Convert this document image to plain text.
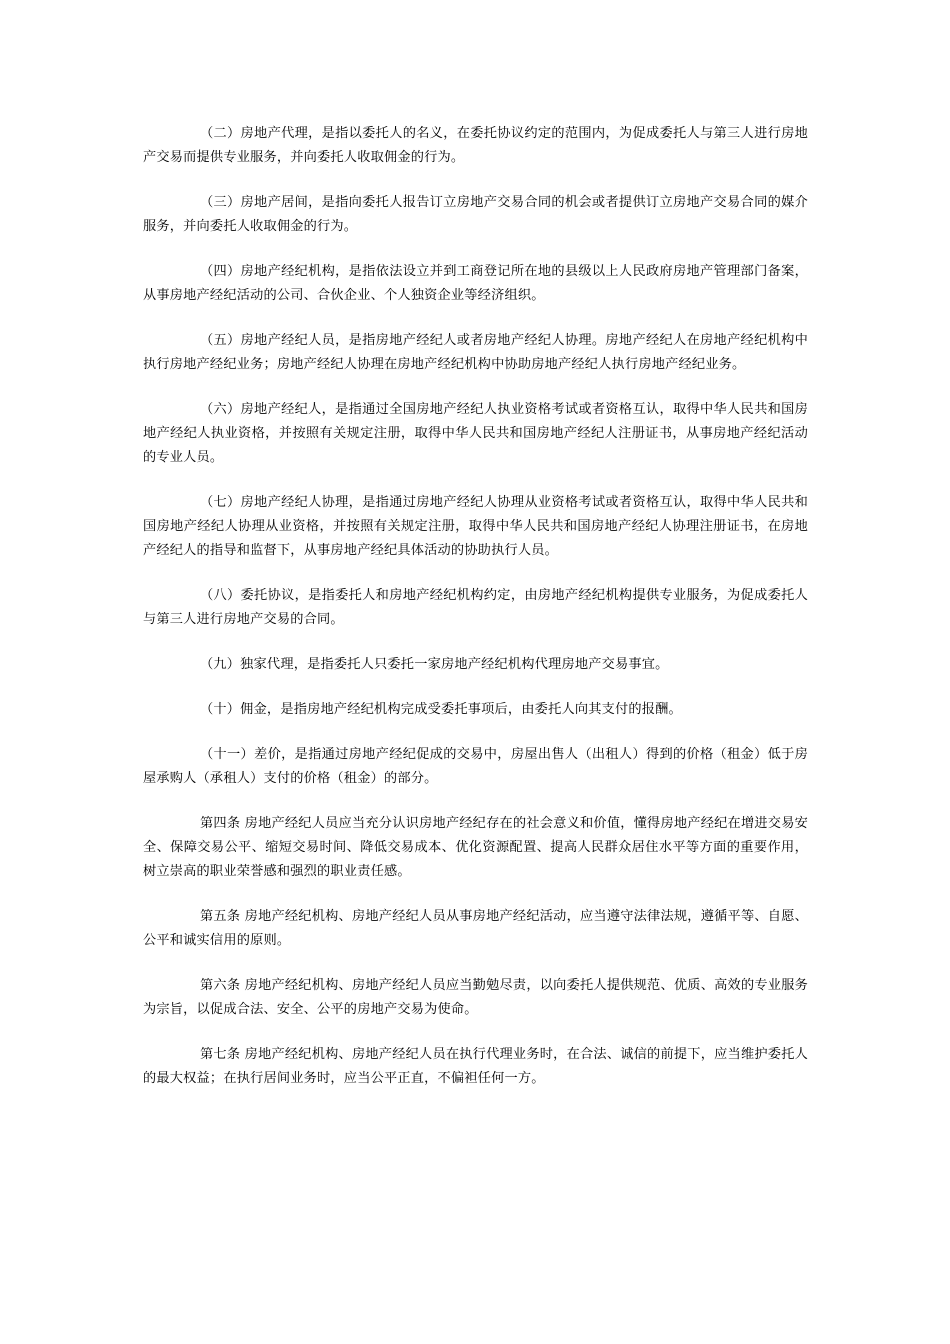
（二）房地产代理，是指以委托人的名义，在委托协议约定的范围内，为促成委托人与第三人进行房地产交易而提供专业服务，并向委托人收取佣金的行为。

（三）房地产居间，是指向委托人报告订立房地产交易合同的机会或者提供订立房地产交易合同的媒介服务，并向委托人收取佣金的行为。

（四）房地产经纪机构，是指依法设立并到工商登记所在地的县级以上人民政府房地产管理部门备案，从事房地产经纪活动的公司、合伙企业、个人独资企业等经济组织。

（五）房地产经纪人员，是指房地产经纪人或者房地产经纪人协理。房地产经纪人在房地产经纪机构中执行房地产经纪业务；房地产经纪人协理在房地产经纪机构中协助房地产经纪人执行房地产经纪业务。

（六）房地产经纪人，是指通过全国房地产经纪人执业资格考试或者资格互认，取得中华人民共和国房地产经纪人执业资格，并按照有关规定注册，取得中华人民共和国房地产经纪人注册证书，从事房地产经纪活动的专业人员。

（七）房地产经纪人协理，是指通过房地产经纪人协理从业资格考试或者资格互认，取得中华人民共和国房地产经纪人协理从业资格，并按照有关规定注册，取得中华人民共和国房地产经纪人协理注册证书，在房地产经纪人的指导和监督下，从事房地产经纪具体活动的协助执行人员。

（八）委托协议，是指委托人和房地产经纪机构约定，由房地产经纪机构提供专业服务，为促成委托人与第三人进行房地产交易的合同。

（九）独家代理，是指委托人只委托一家房地产经纪机构代理房地产交易事宜。

（十）佣金，是指房地产经纪机构完成受委托事项后，由委托人向其支付的报酬。

（十一）差价，是指通过房地产经纪促成的交易中，房屋出售人（出租人）得到的价格（租金）低于房屋承购人（承租人）支付的价格（租金）的部分。

第四条 房地产经纪人员应当充分认识房地产经纪存在的社会意义和价值，懂得房地产经纪在增进交易安全、保障交易公平、缩短交易时间、降低交易成本、优化资源配置、提高人民群众居住水平等方面的重要作用，树立崇高的职业荣誉感和强烈的职业责任感。

第五条 房地产经纪机构、房地产经纪人员从事房地产经纪活动，应当遵守法律法规，遵循平等、自愿、公平和诚实信用的原则。

第六条 房地产经纪机构、房地产经纪人员应当勤勉尽责，以向委托人提供规范、优质、高效的专业服务为宗旨，以促成合法、安全、公平的房地产交易为使命。

第七条 房地产经纪机构、房地产经纪人员在执行代理业务时，在合法、诚信的前提下，应当维护委托人的最大权益；在执行居间业务时，应当公平正直，不偏袒任何一方。
